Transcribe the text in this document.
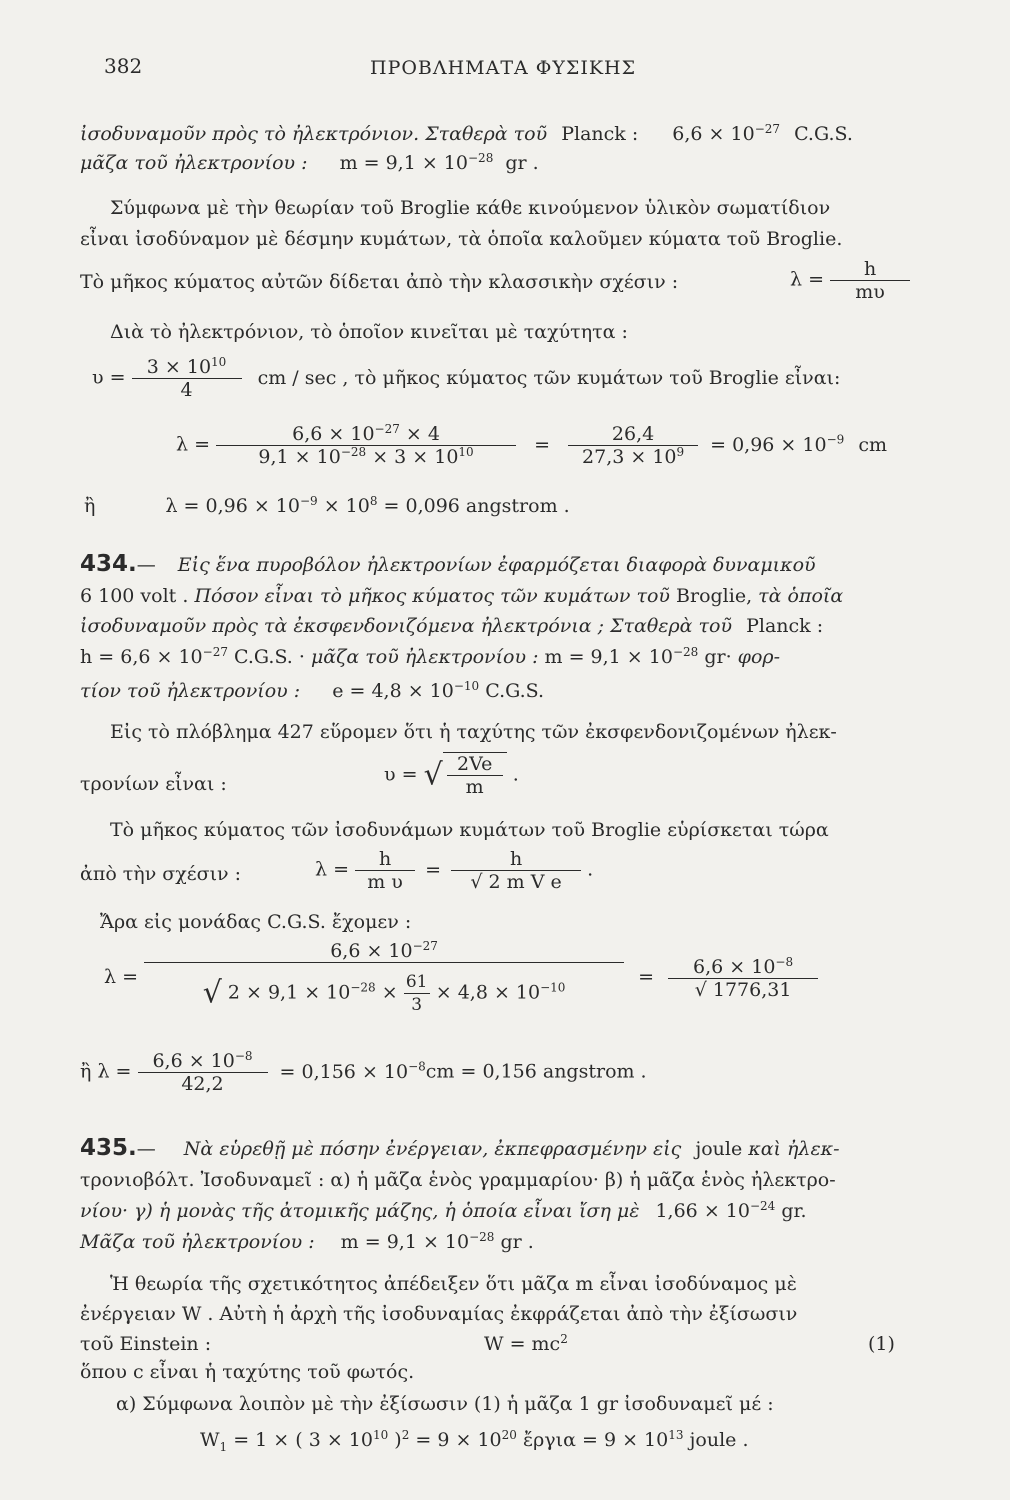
382	ΠΡΟΒΛΗΜΑΤΑ ΦΥΣΙΚΗΣ
ἰσοδυναμοῦν πρὸς τὸ ἠλεκτρόνιον. Σταθερὰ τοῦ Planck : $6,6 \times 10^{-27}$ C.G.S.
μᾶζα τοῦ ἠλεκτρονίου : $m = 9,1 \times 10^{-28}$ gr .
Σύμφωνα μὲ τὴν θεωρίαν τοῦ Broglie κάθε κινούμενον ὑλικὸν σωματίδιον
εἶναι ἰσοδύναμον μὲ δέσμην κυμάτων, τὰ ὁποῖα καλοῦμεν κύματα τοῦ Broglie.
Τὸ μῆκος κύματος αὐτῶν δίδεται ἀπὸ τὴν κλασσικὴν σχέσιν :	$\lambda = \frac{h}{m\upsilon}$
Διὰ τὸ ἠλεκτρόνιον, τὸ ὁποῖον κινεῖται μὲ ταχύτητα :
$\upsilon = \frac{3 \times 10^{10}}{4}$ cm / sec , τὸ μῆκος κύματος τῶν κυμάτων τοῦ Broglie εἶναι:
$\lambda = \frac{6,6 \times 10^{-27} \times 4}{9,1 \times 10^{-28} \times 3 \times 10^{10}} = \frac{26,4}{27,3 \times 10^9} = 0,96 \times 10^{-9}$ cm
ἢ	$\lambda = 0,96 \times 10^{-9} \times 10^8 = 0,096$ angstrom .
434.— Εἰς ἕνα πυροβόλον ἠλεκτρονίων ἐφαρμόζεται διαφορὰ δυναμικοῦ
6 100 volt . Πόσον εἶναι τὸ μῆκος κύματος τῶν κυμάτων τοῦ Broglie, τὰ ὁποῖα
ἰσοδυναμοῦν πρὸς τὰ ἐκσφενδονιζόμενα ἠλεκτρόνια ; Σταθερὰ τοῦ Planck :
$h = 6,6 \times 10^{-27}$ C.G.S. · μᾶζα τοῦ ἠλεκτρονίου : $m = 9,1 \times 10^{-28}$ gr· φορ-
τίον τοῦ ἠλεκτρονίου : $e = 4,8 \times 10^{-10}$ C.G.S.
Εἰς τὸ πλόβλημα 427 εὕρομεν ὅτι ἡ ταχύτης τῶν ἐκσφενδονιζομένων ἠλεκ-
τρονίων εἶναι :	υ = √ $\frac{2Ve}{m}$ .
Τὸ μῆκος κύματος τῶν ἰσοδυνάμων κυμάτων τοῦ Broglie εὑρίσκεται τώρα
ἀπὸ τὴν σχέσιν :	$\lambda = \frac{h}{\text{m υ}} = \frac{h}{\text{√ 2 m V e}}$ .
Ἄρα εἰς μονάδας C.G.S. ἔχομεν :
$\lambda = \frac{6,6 \times 10^{-27}}{√ 2 \times 9,1 \times 10^{-28} \times \frac{61}{3} \times 4,8 \times 10^{-10}} = \frac{6,6 \times 10^{-8}}{√ 1776,31}$
ἢ $\lambda = \frac{6,6 \times 10^{-8}}{42,2} = 0,156 \times 10^{-8}cm = 0,156$ angstrom .
435.— Νὰ εὑρεθῇ μὲ πόσην ἐνέργειαν, ἐκπεφρασμένην εἰς joule καὶ ἠλεκ-
τρονιοβόλτ. Ἰσοδυναμεῖ : α) ἡ μᾶζα ἑνὸς γραμμαρίου· β) ἡ μᾶζα ἑνὸς ἠλεκτρο-
νίου· γ) ἡ μονὰς τῆς ἀτομικῆς μάζης, ἡ ὁποία εἶναι ἴση μὲ $1,66 \times 10^{-24}$ gr.
Μᾶζα τοῦ ἠλεκτρονίου : $m = 9,1 \times 10^{-28}$ gr .
Ἡ θεωρία τῆς σχετικότητος ἀπέδειξεν ὅτι μᾶζα m εἶναι ἰσοδύναμος μὲ
ἐνέργειαν W . Αὐτὴ ἡ ἀρχὴ τῆς ἰσοδυναμίας ἐκφράζεται ἀπὸ τὴν ἐξίσωσιν
τοῦ Einstein :	$W = mc^2$	(1)
ὅπου c εἶναι ἡ ταχύτης τοῦ φωτός.
α) Σύμφωνα λοιπὸν μὲ τὴν ἐξίσωσιν (1) ἡ μᾶζα 1 gr ἰσοδυναμεῖ μέ :
$W_1 = 1$ × ( $3 \times 10^{10}$ )$^2 = 9 \times 10^{20}$ ἔργια = $9 \times 10^{13}$ joule .
